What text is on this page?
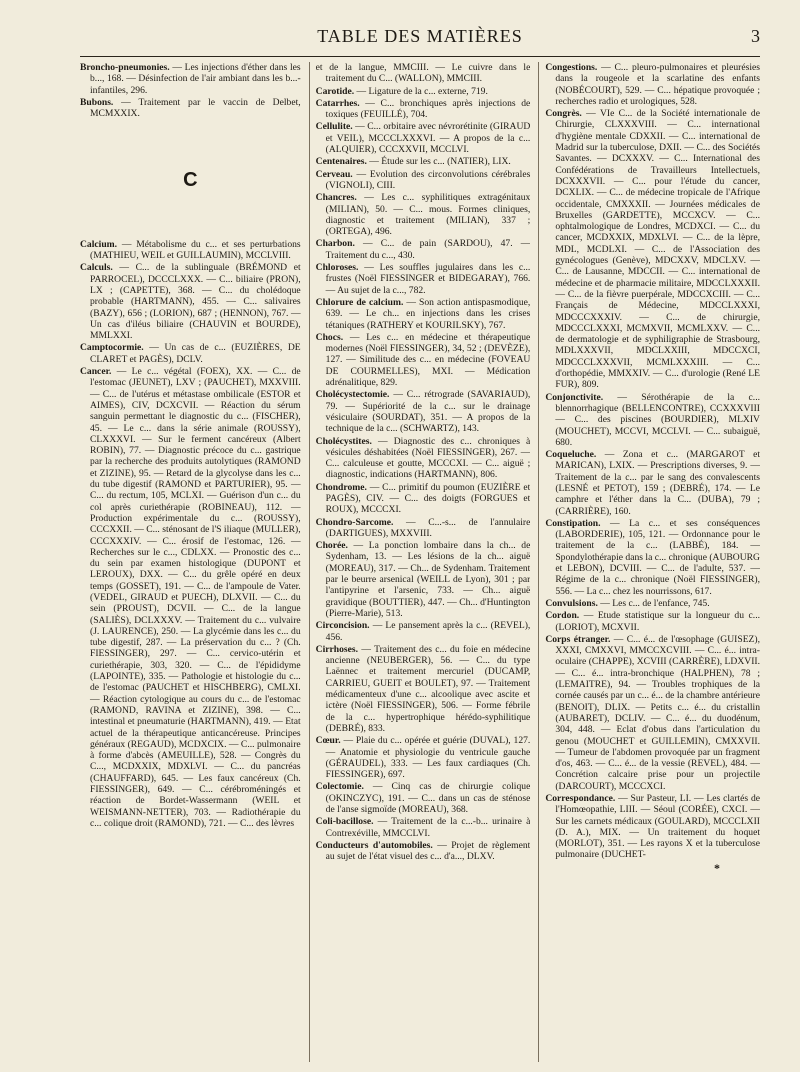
TABLE DES MATIÈRES	3
Broncho-pneumonies. — Les injections d'éther dans les b..., 168. — Désinfection de l'air ambiant dans les b...-infantiles, 296.
Bubons. — Traitement par le vaccin de Delbet, MCMXXIX.
C
Calcium. — Métabolisme du c... et ses perturbations (MATHIEU, WEIL et GUILLAUMIN), MCCLVIII.
Calculs. — C... de la sublinguale (BRÉMOND et PARROCEL), DCCCLXXX. — C... biliaire (PRON), LX ; (CAPETTE), 368. — C... du cholédoque probable (HARTMANN), 455. — C... salivaires (BAZY), 656 ; (LORION), 687 ; (HENNON), 767. — Un cas d'iléus biliaire (CHAUVIN et BOURDE), MMLXXI.
Camptocormie. — Un cas de c... (EUZIÈRES, DE CLARET et PAGÈS), DCLV.
Cancer. — Le c... végétal (FOEX), XX. — C... de l'estomac (JEUNET), LXV ; (PAUCHET), MXXVIII. — C... de l'utérus et métastase ombilicale (ESTOR et AIMES), CIV, DCXCVII. — Réaction du sérum sanguin permettant le diagnostic du c... (FISCHER), 45. — Le c... dans la série animale (ROUSSY), CLXXXVI. — Sur le ferment cancéreux (Albert ROBIN), 77. — Diagnostic précoce du c... gastrique par la recherche des produits autolytiques (RAMOND et ZIZINE), 95. — Retard de la glycolyse dans les c... du tube digestif (RAMOND et PARTURIER), 95. — C... du rectum, 105, MCLXI. — Guérison d'un c... du col après curiethérapie (ROBINEAU), 112. — Production expérimentale du c... (ROUSSY), CCCXXII. — C... sténosant de l'S iliaque (MULLER), CCCXXXIV. — C... érosif de l'estomac, 126. — Recherches sur le c..., CDLXX. — Pronostic des c... du sein par examen histologique (DUPONT et LEROUX), DXX. — C... du grêle opéré en deux temps (GOSSET), 191. — C... de l'ampoule de Vater. (VEDEL, GIRAUD et PUECH), DLXVII. — C... du sein (PROUST), DCVII. — C... de la langue (SALIÈS), DCLXXXV. — Traitement du c... vulvaire (J. LAURENCE), 250. — La glycémie dans les c... du tube digestif, 287. — La préservation du c... ? (Ch. FIESSINGER), 297. — C... cervico-utérin et curiethérapie, 303, 320. — C... de l'épididyme (LAPOINTE), 335. — Pathologie et histologie du c... de l'estomac (PAUCHET et HISCHBERG), CMLXI. — Réaction cytologique au cours du c... de l'estomac (RAMOND, RAVINA et ZIZINE), 398. — C... intestinal et pneumaturie (HARTMANN), 419. — Etat actuel de la thérapeutique anticancéreuse. Principes généraux (REGAUD), MCDXCIX. — C... pulmonaire à forme d'abcès (AMEUILLE), 528. — Congrès du C..., MCDXXIX, MDXLVI. — C... du pancréas (CHAUFFARD), 645. — Les faux cancéreux (Ch. FIESSINGER), 649. — C... cérébroméningés et réaction de Bordet-Wassermann (WEIL et WEISMANN-NETTER), 703. — Radiothérapie du c... colique droit (RAMOND), 721. — C... des lèvres
et de la langue, MMCIII. — Le cuivre dans le traitement du C... (WALLON), MMCIII.
Carotide. — Ligature de la c... externe, 719.
Catarrhes. — C... bronchiques après injections de toxiques (FEUILLÉ), 704.
Cellulite. — C... orbitaire avec névrorétinite (GIRAUD et VEIL), MCCCLXXXVI. — A propos de la c... (ALQUIER), CCCXXVII, MCCLVI.
Centenaires. — Étude sur les c... (NATIER), LIX.
Cerveau. — Evolution des circonvolutions cérébrales (VIGNOLI), CIII.
Chancres. — Les c... syphilitiques extragénitaux (MILIAN), 50. — C... mous. Formes cliniques, diagnostic et traitement (MILIAN), 337 ; (ORTEGA), 496.
Charbon. — C... de pain (SARDOU), 47. — Traitement du c..., 430.
Chloroses. — Les souffles jugulaires dans les c... frustes (Noël FIESSINGER et BIDEGARAY), 766. — Au sujet de la c..., 782.
Chlorure de calcium. — Son action antispasmodique, 639. — Le ch... en injections dans les crises tétaniques (RATHERY et KOURILSKY), 767.
Chocs. — Les c... en médecine et thérapeutique modernes (Noël FIESSINGER), 34, 52 ; (DEVÈZE), 127. — Similitude des c... en médecine (FOVEAU DE COURMELLES), MXI. — Médication adrénalitique, 829.
Cholécystectomie. — C... rétrograde (SAVARIAUD), 79. — Supériorité de la c... sur le drainage vésiculaire (SOURDAT), 351. — A propos de la technique de la c... (SCHWARTZ), 143.
Cholécystites. — Diagnostic des c... chroniques à vésicules déshabitées (Noël FIESSINGER), 267. — C... calculeuse et goutte, MCCCXI. — C... aiguë ; diagnostic, indications (HARTMANN), 806.
Chondrome. — C... primitif du poumon (EUZIÈRE et PAGÈS), CIV. — C... des doigts (FORGUES et ROUX), MCCCXI.
Chondro-Sarcome. — C...-s... de l'annulaire (DARTIGUES), MXXVIII.
Chorée. — La ponction lombaire dans la ch... de Sydenham, 13. — Les lésions de la ch... aiguë (MOREAU), 317. — Ch... de Sydenham. Traitement par le beurre arsenical (WEILL de Lyon), 301 ; par l'antipyrine et l'arsenic, 733. — Ch... aiguë gravidique (BOUTTIER), 447. — Ch... d'Huntington (Pierre-Marie), 513.
Circoncision. — Le pansement après la c... (REVEL), 456.
Cirrhoses. — Traitement des c... du foie en médecine ancienne (NEUBERGER), 56. — C... du type Laënnec et traitement mercuriel (DUCAMP, CARRIEU, GUEIT et BOULET), 97. — Traitement médicamenteux d'une c... alcoolique avec ascite et ictère (Noël FIESSINGER), 506. — Forme fébrile de la c... hypertrophique hérédo-syphilitique (DEBRÉ), 833.
Cœur. — Plaie du c... opérée et guérie (DUVAL), 127. — Anatomie et physiologie du ventricule gauche (GÉRAUDEL), 333. — Les faux cardiaques (Ch. FIESSINGER), 697.
Colectomie. — Cinq cas de chirurgie colique (OKINCZYC), 191. — C... dans un cas de sténose de l'anse sigmoïde (MOREAU), 368.
Coli-bacillose. — Traitement de la c...-b... urinaire à Contrexéville, MMCCLVI.
Conducteurs d'automobiles. — Projet de règlement au sujet de l'état visuel des c... d'a..., DLXV.
Congestions. — C... pleuro-pulmonaires et pleurésies dans la rougeole et la scarlatine des enfants (NOBÉCOURT), 529. — C... hépatique provoquée ; recherches radio et urologiques, 528.
Congrès. — VIe C... de la Société internationale de Chirurgie, CLXXXVIII. — C... international d'hygiène mentale CDXXII. — C... international de Madrid sur la tuberculose, DXII. — C... des Sociétés Savantes. — DCXXXV. — C... International des Confédérations de Travailleurs Intellectuels, DCXXXVII. — C... pour l'étude du cancer, DCXLIX. — C... de médecine tropicale de l'Afrique occidentale, CMXXXII. — Journées médicales de Bruxelles (GARDETTE), MCCXCV. — C... ophtalmologique de Londres, MCDXCI. — C... du cancer, MCDXXIX, MDXLVI. — C... de la lèpre, MDL, MCDLXI. — C... de l'Association des gynécologues (Genève), MDCXXV, MDCLXV. — C... de Lausanne, MDCCII. — C... international de médecine et de pharmacie militaire, MDCCLXXXII. — C... de la fièvre puerpérale, MDCCXCIII. — C... Français de Médecine, MDCCLXXXI, MDCCCXXXIV. — C... de chirurgie, MDCCCLXXXI, MCMXVII, MCMLXXV. — C... de dermatologie et de syphiligraphie de Strasbourg, MDLXXXVII, MDCLXXIII, MDCCXCI, MDCCCLXXXVII, MCMLXXXIII. — C... d'orthopédie, MMXXIV. — C... d'urologie (René LE FUR), 809.
Conjonctivite. — Sérothérapie de la c... blennorrhagique (BELLENCONTRE), CCXXXVIII — C... des piscines (BOURDIER), MLXIV (MOUCHET), MCCVI, MCCLVI. — C... subaiguë, 680.
Coqueluche. — Zona et c... (MARGAROT et MARICAN), LXIX. — Prescriptions diverses, 9. — Traitement de la c... par le sang des convalescents (LESNÉ et PETOT), 159 ; (DEBRÉ), 174. — Le camphre et l'éther dans la C... (DUBA), 79 ; (CARRIÈRE), 160.
Constipation. — La c... et ses conséquences (LABORDERIE), 105, 121. — Ordonnance pour le traitement de la c... (LABBÉ), 184. — Spondylothérapie dans la c... chronique (AUBOURG et LEBON), DCVIII. — C... de l'adulte, 537. — Régime de la c... chronique (Noël FIESSINGER), 556. — La c... chez les nourrissons, 617.
Convulsions. — Les c... de l'enfance, 745.
Cordon. — Etude statistique sur la longueur du c... (LORIOT), MCXVII.
Corps étranger. — C... é... de l'œsophage (GUISEZ), XXXI, CMXXVI, MMCCXCVIII. — C... é... intra-oculaire (CHAPPE), XCVIII (CARRÈRE), LDXVII. — C... é... intra-bronchique (HALPHEN), 78 ; (LEMAITRE), 94. — Troubles trophiques de la cornée causés par un c... é... de la chambre antérieure (BENOIT), DLIX. — Petits c... é... du cristallin (AUBARET), DCLIV. — C... é... du duodénum, 304, 448. — Eclat d'obus dans l'articulation du genou (MOUCHET et GUILLEMIN), CMXXVII. — Tumeur de l'abdomen provoquée par un fragment d'os, 463. — C... é... de la vessie (REVEL), 484. — Concrétion calcaire prise pour un projectile (DARCOURT), MCCCXCI.
Correspondance. — Sur Pasteur, LI. — Les clartés de l'Homœopathie, LIII. — Séoul (CORÉE), CXCI. — Sur les carnets médicaux (GOULARD), MCCCLXII (D. A.), MIX. — Un traitement du hoquet (MORLOT), 351. — Les rayons X et la tuberculose pulmonaire (DUCHET-
*
